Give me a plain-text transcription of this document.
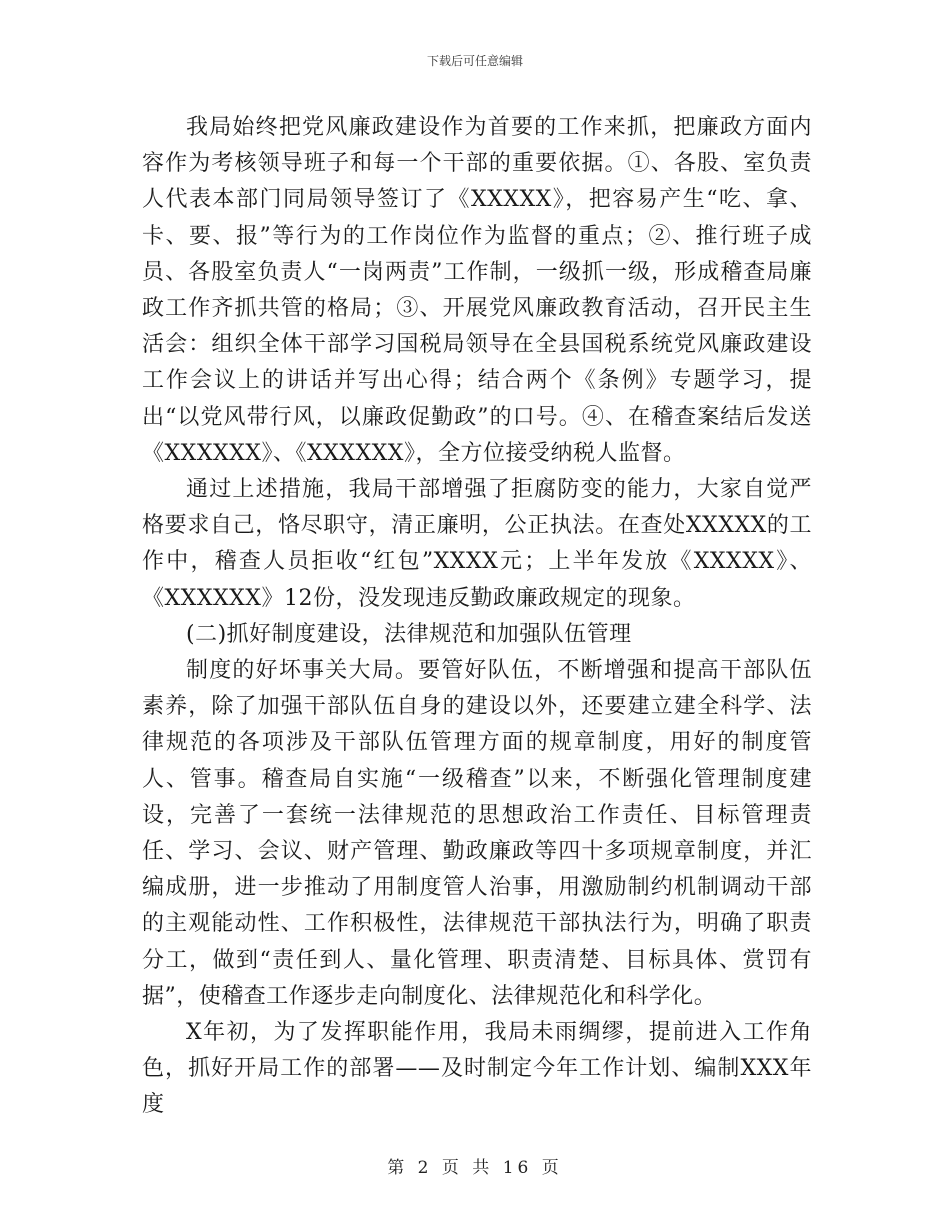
下载后可任意编辑

我局始终把党风廉政建设作为首要的工作来抓，把廉政方面内容作为考核领导班子和每一个干部的重要依据。①、各股、室负责人代表本部门同局领导签订了《XXXXX》，把容易产生“吃、拿、卡、要、报”等行为的工作岗位作为监督的重点；②、推行班子成员、各股室负责人“一岗两责”工作制，一级抓一级，形成稽查局廉政工作齐抓共管的格局；③、开展党风廉政教育活动，召开民主生活会：组织全体干部学习国税局领导在全县国税系统党风廉政建设工作会议上的讲话并写出心得；结合两个《条例》专题学习，提出“以党风带行风，以廉政促勤政”的口号。④、在稽查案结后发送《XXXXXX》、《XXXXXX》，全方位接受纳税人监督。

通过上述措施，我局干部增强了拒腐防变的能力，大家自觉严格要求自己，恪尽职守，清正廉明，公正执法。在查处XXXXX的工作中，稽查人员拒收“红包”XXXX元；上半年发放《XXXXX》、《XXXXXX》12份，没发现违反勤政廉政规定的现象。

(二)抓好制度建设，法律规范和加强队伍管理

制度的好坏事关大局。要管好队伍，不断增强和提高干部队伍素养，除了加强干部队伍自身的建设以外，还要建立建全科学、法律规范的各项涉及干部队伍管理方面的规章制度，用好的制度管人、管事。稽查局自实施“一级稽查”以来，不断强化管理制度建设，完善了一套统一法律规范的思想政治工作责任、目标管理责任、学习、会议、财产管理、勤政廉政等四十多项规章制度，并汇编成册，进一步推动了用制度管人治事，用激励制约机制调动干部的主观能动性、工作积极性，法律规范干部执法行为，明确了职责分工，做到“责任到人、量化管理、职责清楚、目标具体、赏罚有据”，使稽查工作逐步走向制度化、法律规范化和科学化。

X年初，为了发挥职能作用，我局未雨绸缪，提前进入工作角色，抓好开局工作的部署——及时制定今年工作计划、编制XXX年度

第 2 页 共 16 页
